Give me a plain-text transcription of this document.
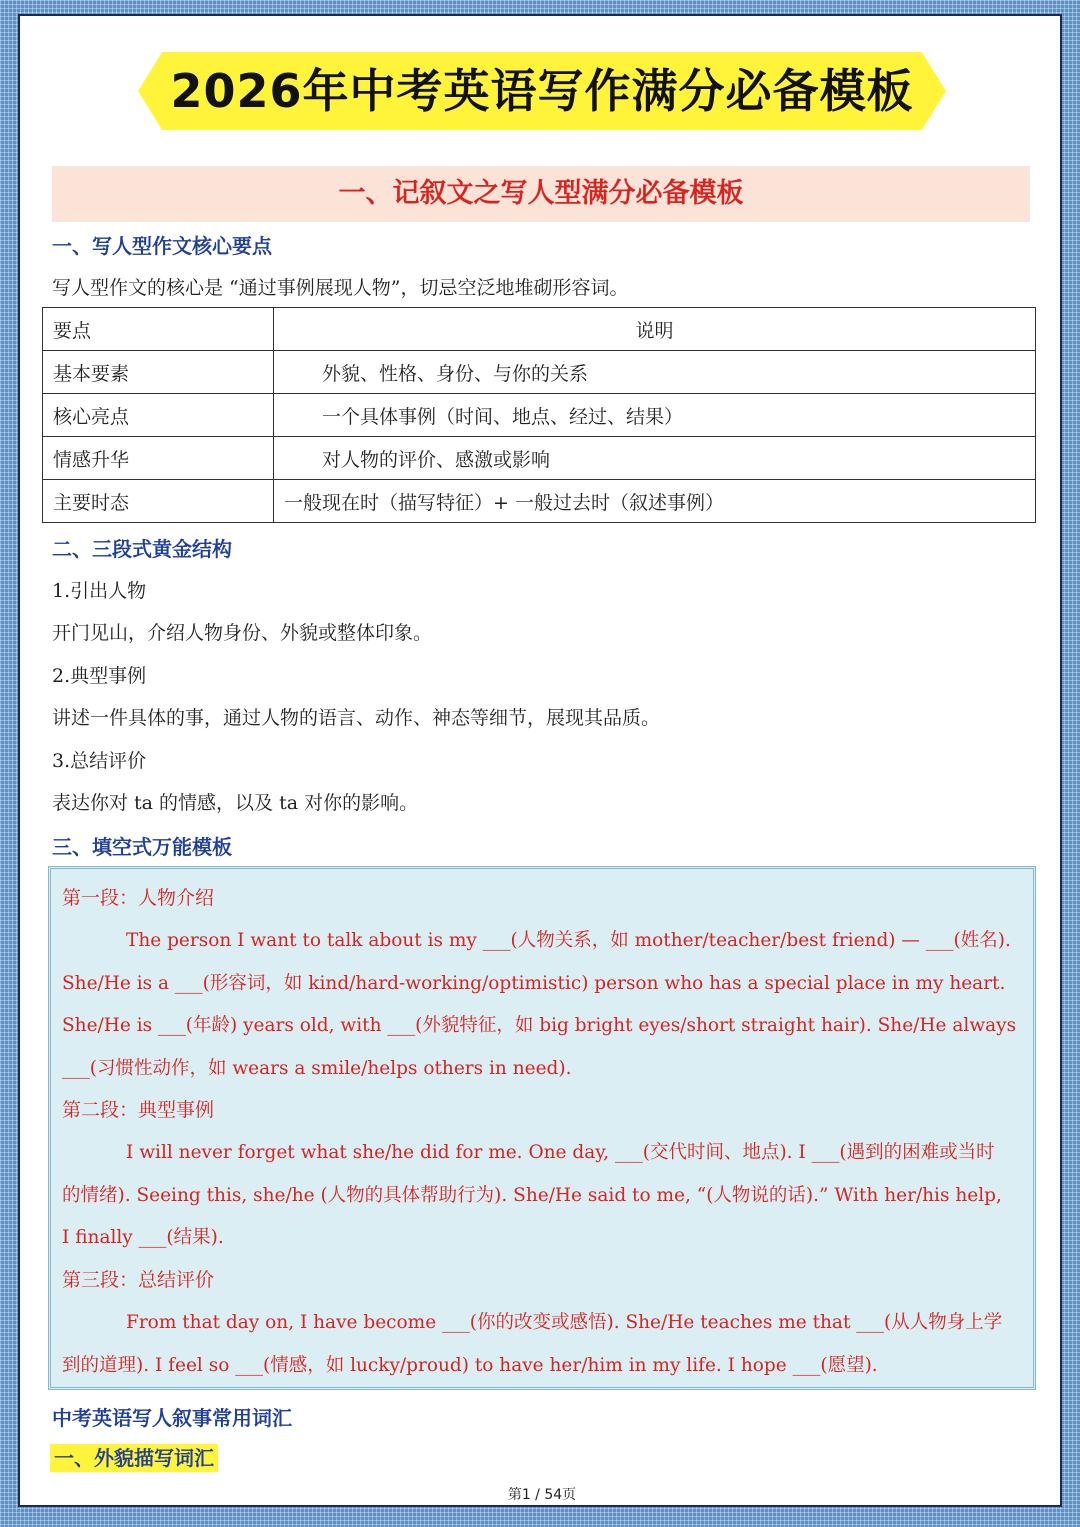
2026年中考英语写作满分必备模板
一、记叙文之写人型满分必备模板
一、写人型作文核心要点
写人型作文的核心是 “通过事例展现人物”，切忌空泛地堆砌形容词。
要点	说明
基本要素	外貌、性格、身份、与你的关系
核心亮点	一个具体事例（时间、地点、经过、结果）
情感升华	对人物的评价、感激或影响
主要时态	一般现在时（描写特征）+ 一般过去时（叙述事例）
二、三段式黄金结构
1.引出人物
开门见山，介绍人物身份、外貌或整体印象。
2.典型事例
讲述一件具体的事，通过人物的语言、动作、神态等细节，展现其品质。
3.总结评价
表达你对 ta 的情感，以及 ta 对你的影响。
三、填空式万能模板
第一段：人物介绍
The person I want to talk about is my ___(人物关系，如 mother/teacher/best friend) — ___(姓名).
She/He is a ___(形容词，如 kind/hard-working/optimistic) person who has a special place in my heart.
She/He is ___(年龄) years old, with ___(外貌特征，如 big bright eyes/short straight hair). She/He always
___(习惯性动作，如 wears a smile/helps others in need).
第二段：典型事例
I will never forget what she/he did for me. One day, ___(交代时间、地点). I ___(遇到的困难或当时
的情绪). Seeing this, she/he (人物的具体帮助行为). She/He said to me, “(人物说的话).” With her/his help,
I finally ___(结果).
第三段：总结评价
From that day on, I have become ___(你的改变或感悟). She/He teaches me that ___(从人物身上学
到的道理). I feel so ___(情感，如 lucky/proud) to have her/him in my life. I hope ___(愿望).
中考英语写人叙事常用词汇
一、外貌描写词汇
第1 / 54页
